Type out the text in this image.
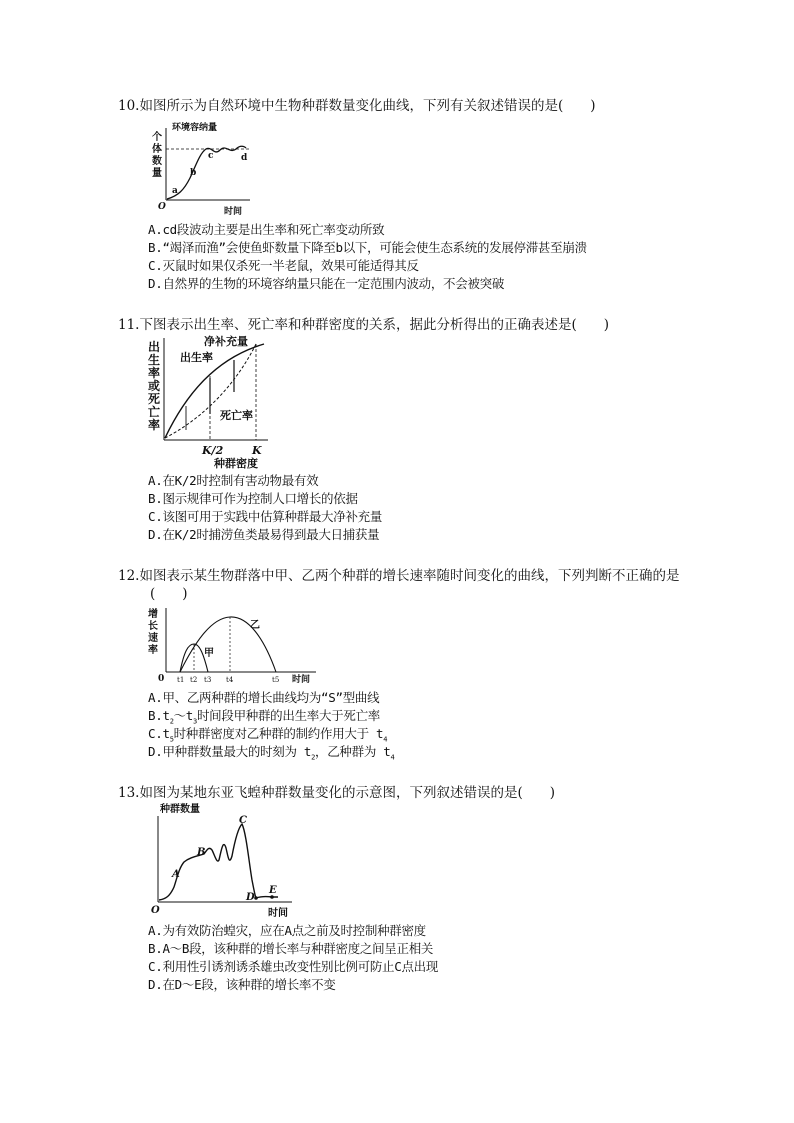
10.如图所示为自然环境中生物种群数量变化曲线，下列有关叙述错误的是(　　)
环境容纳量
个
体
数
量
a
b
c	d
O	时间
A.cd段波动主要是出生率和死亡率变动所致
B.“竭泽而渔”会使鱼虾数量下降至b以下，可能会使生态系统的发展停滞甚至崩溃
C.灭鼠时如果仅杀死一半老鼠，效果可能适得其反
D.自然界的生物的环境容纳量只能在一定范围内波动，不会被突破
11.下图表示出生率、死亡率和种群密度的关系，据此分析得出的正确表述是(　　)
出
生
率
或
死
亡
率
净补充量
出生率
死亡率
K/2	K
种群密度
A.在K/2时控制有害动物最有效
B.图示规律可作为控制人口增长的依据
C.该图可用于实践中估算种群最大净补充量
D.在K/2时捕涝鱼类最易得到最大日捕获量
12.如图表示某生物群落中甲、乙两个种群的增长速率随时间变化的曲线，下列判断不正确的是
(　　)
增
长
速
率	甲
乙
0 t1 t2 t3 t4	t5 时间
A.甲、乙两种群的增长曲线均为“S”型曲线
$B.t_2\sim t_3$时间段甲种群的出生率大于死亡率
$C.t_5$时种群密度对乙种群的制约作用大于 $t_4$
D.甲种群数量最大的时刻为 $t_2$，乙种群为 $t_4$
13.如图为某地东亚飞蝗种群数量变化的示意图，下列叙述错误的是(　　)
种群数量
A
B
C
D
E
O	时间
A.为有效防治蝗灾，应在A点之前及时控制种群密度
B.A～B段，该种群的增长率与种群密度之间呈正相关
C.利用性引诱剂诱杀雄虫改变性别比例可防止C点出现
D.在D～E段，该种群的增长率不变
